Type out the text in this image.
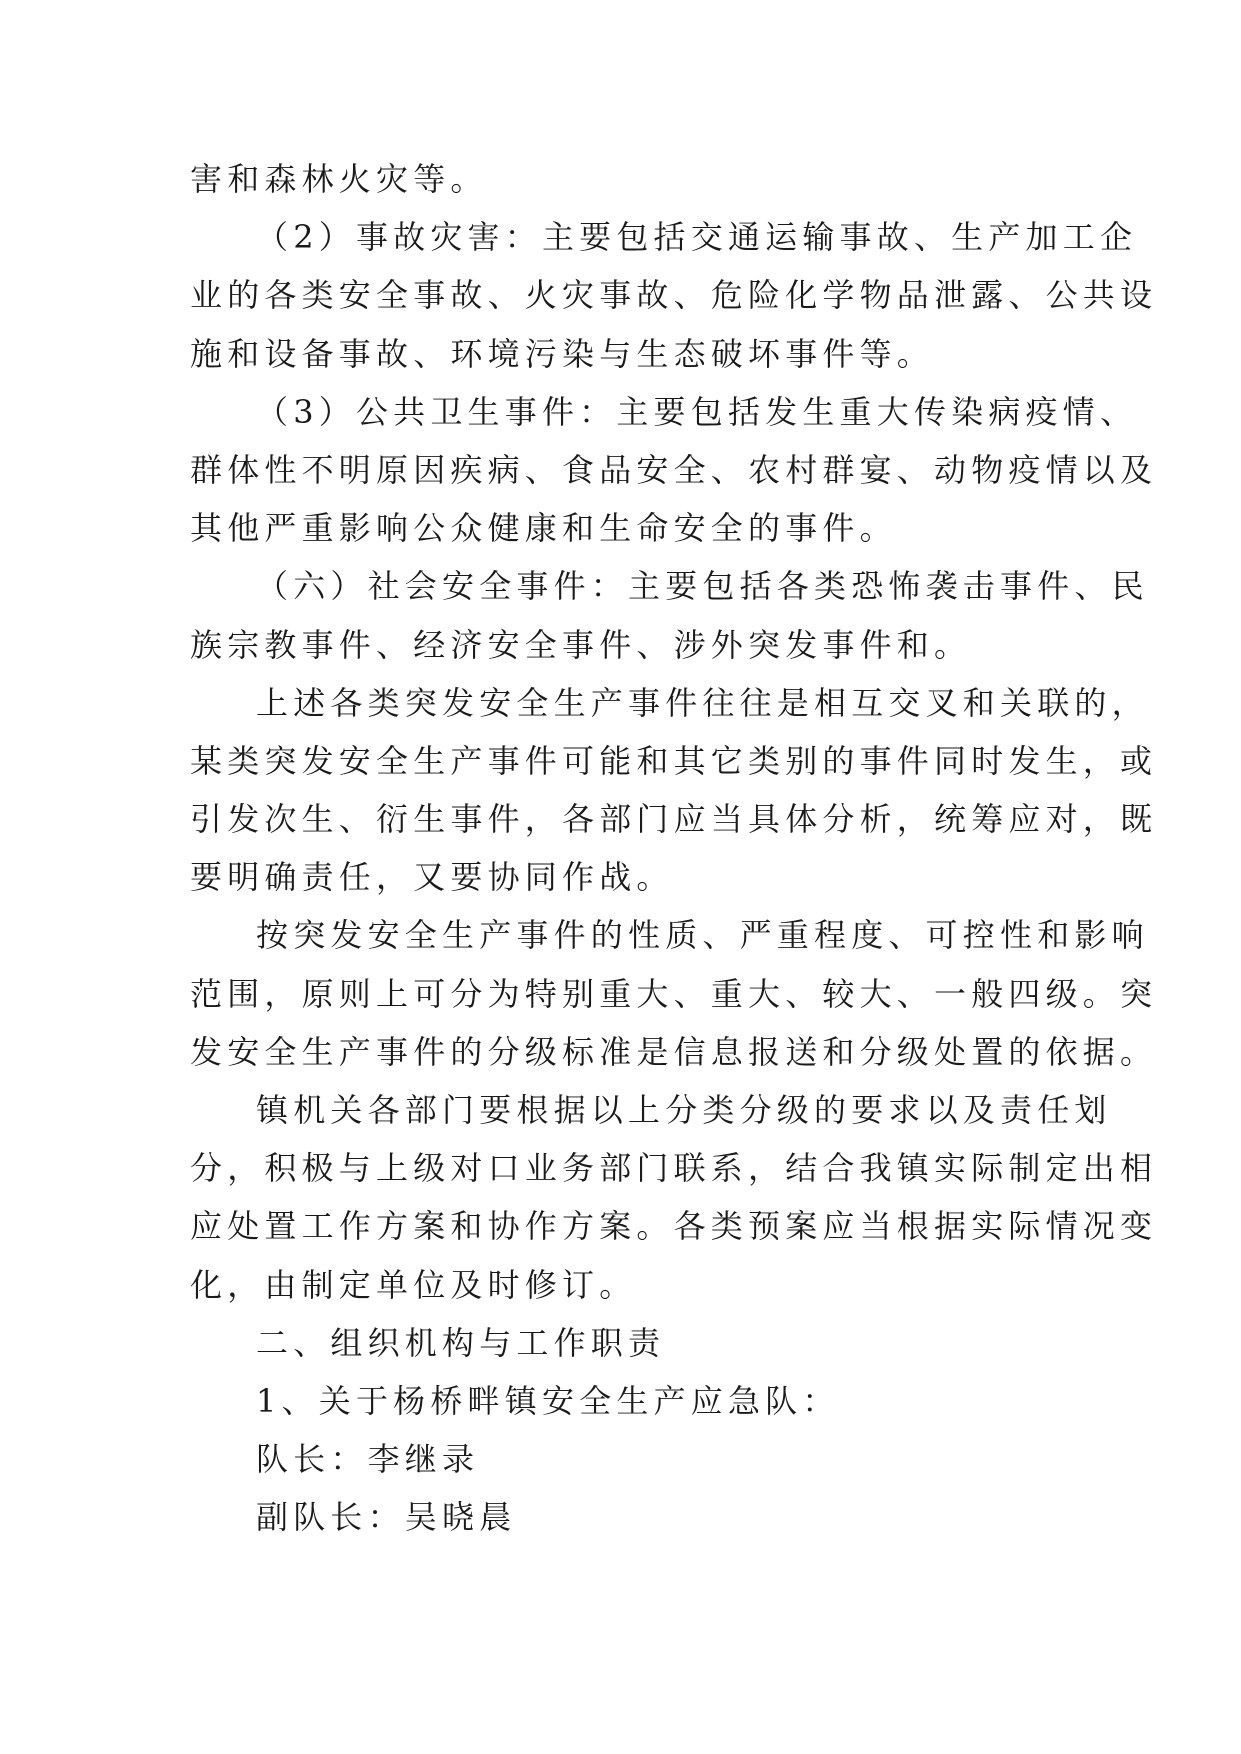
害和森林火灾等。
（2）事故灾害：主要包括交通运输事故、生产加工企
业的各类安全事故、火灾事故、危险化学物品泄露、公共设
施和设备事故、环境污染与生态破坏事件等。
（3）公共卫生事件：主要包括发生重大传染病疫情、
群体性不明原因疾病、食品安全、农村群宴、动物疫情以及
其他严重影响公众健康和生命安全的事件。
（六）社会安全事件：主要包括各类恐怖袭击事件、民
族宗教事件、经济安全事件、涉外突发事件和。
上述各类突发安全生产事件往往是相互交叉和关联的，
某类突发安全生产事件可能和其它类别的事件同时发生，或
引发次生、衍生事件，各部门应当具体分析，统筹应对，既
要明确责任，又要协同作战。
按突发安全生产事件的性质、严重程度、可控性和影响
范围，原则上可分为特别重大、重大、较大、一般四级。突
发安全生产事件的分级标准是信息报送和分级处置的依据。
镇机关各部门要根据以上分类分级的要求以及责任划
分，积极与上级对口业务部门联系，结合我镇实际制定出相
应处置工作方案和协作方案。各类预案应当根据实际情况变
化，由制定单位及时修订。
二、组织机构与工作职责
1、关于杨桥畔镇安全生产应急队：
队长：李继录
副队长：吴晓晨
